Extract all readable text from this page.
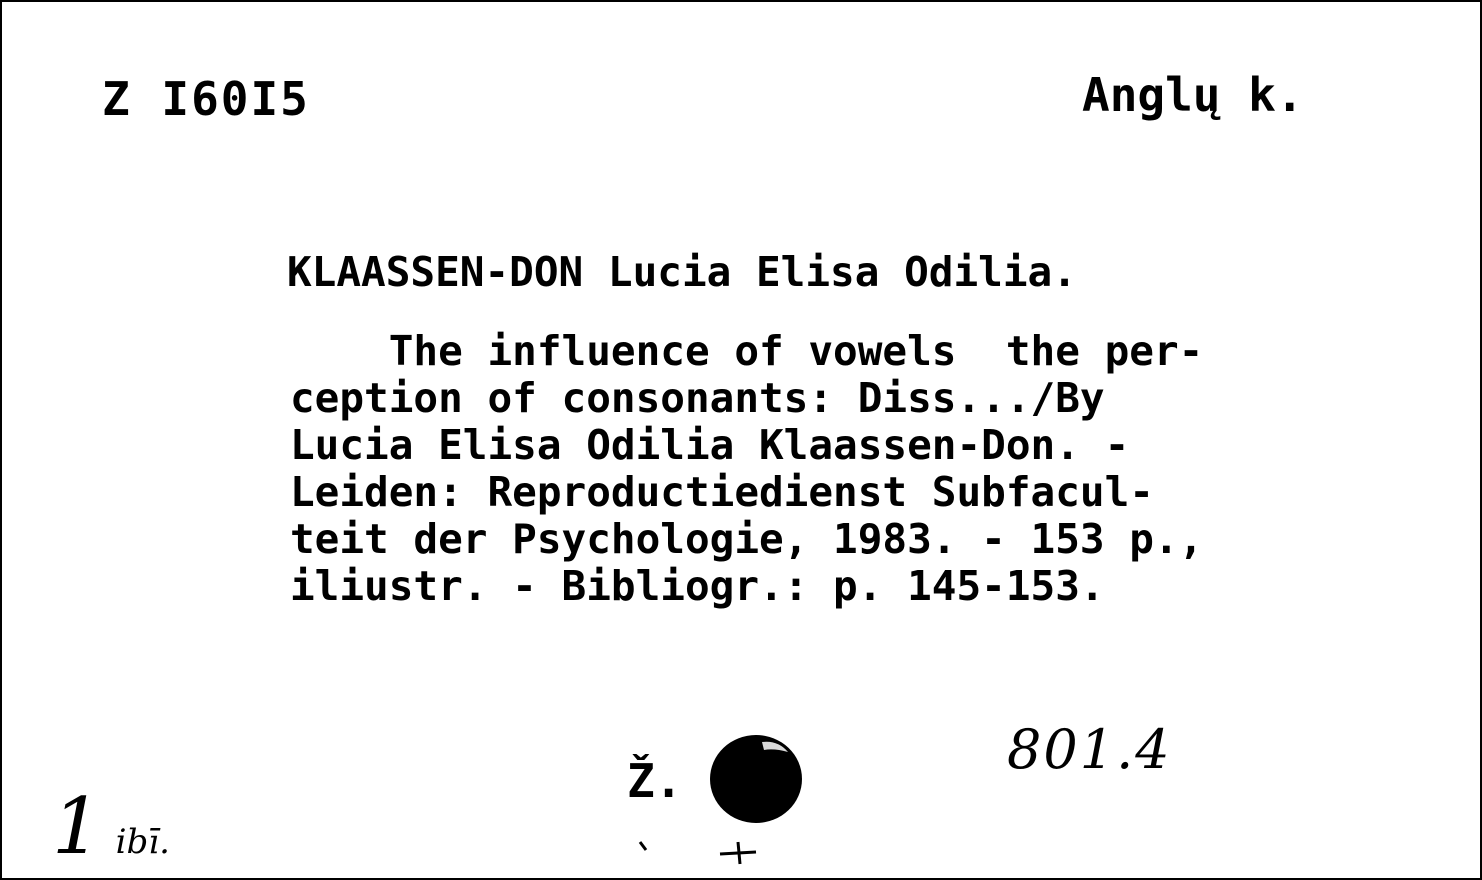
Z I60I5	Anglų k.
KLAASSEN-DON Lucia Elisa Odilia.
The influence of vowels  the per-
ception of consonants: Diss.../By
Lucia Elisa Odilia Klaassen-Don. -
Leiden: Reproductiedienst Subfacul-
teit der Psychologie, 1983. - 153 p.,
iliustr. - Bibliogr.: p. 145-153.
Ž.	801.4
1 ibī.
